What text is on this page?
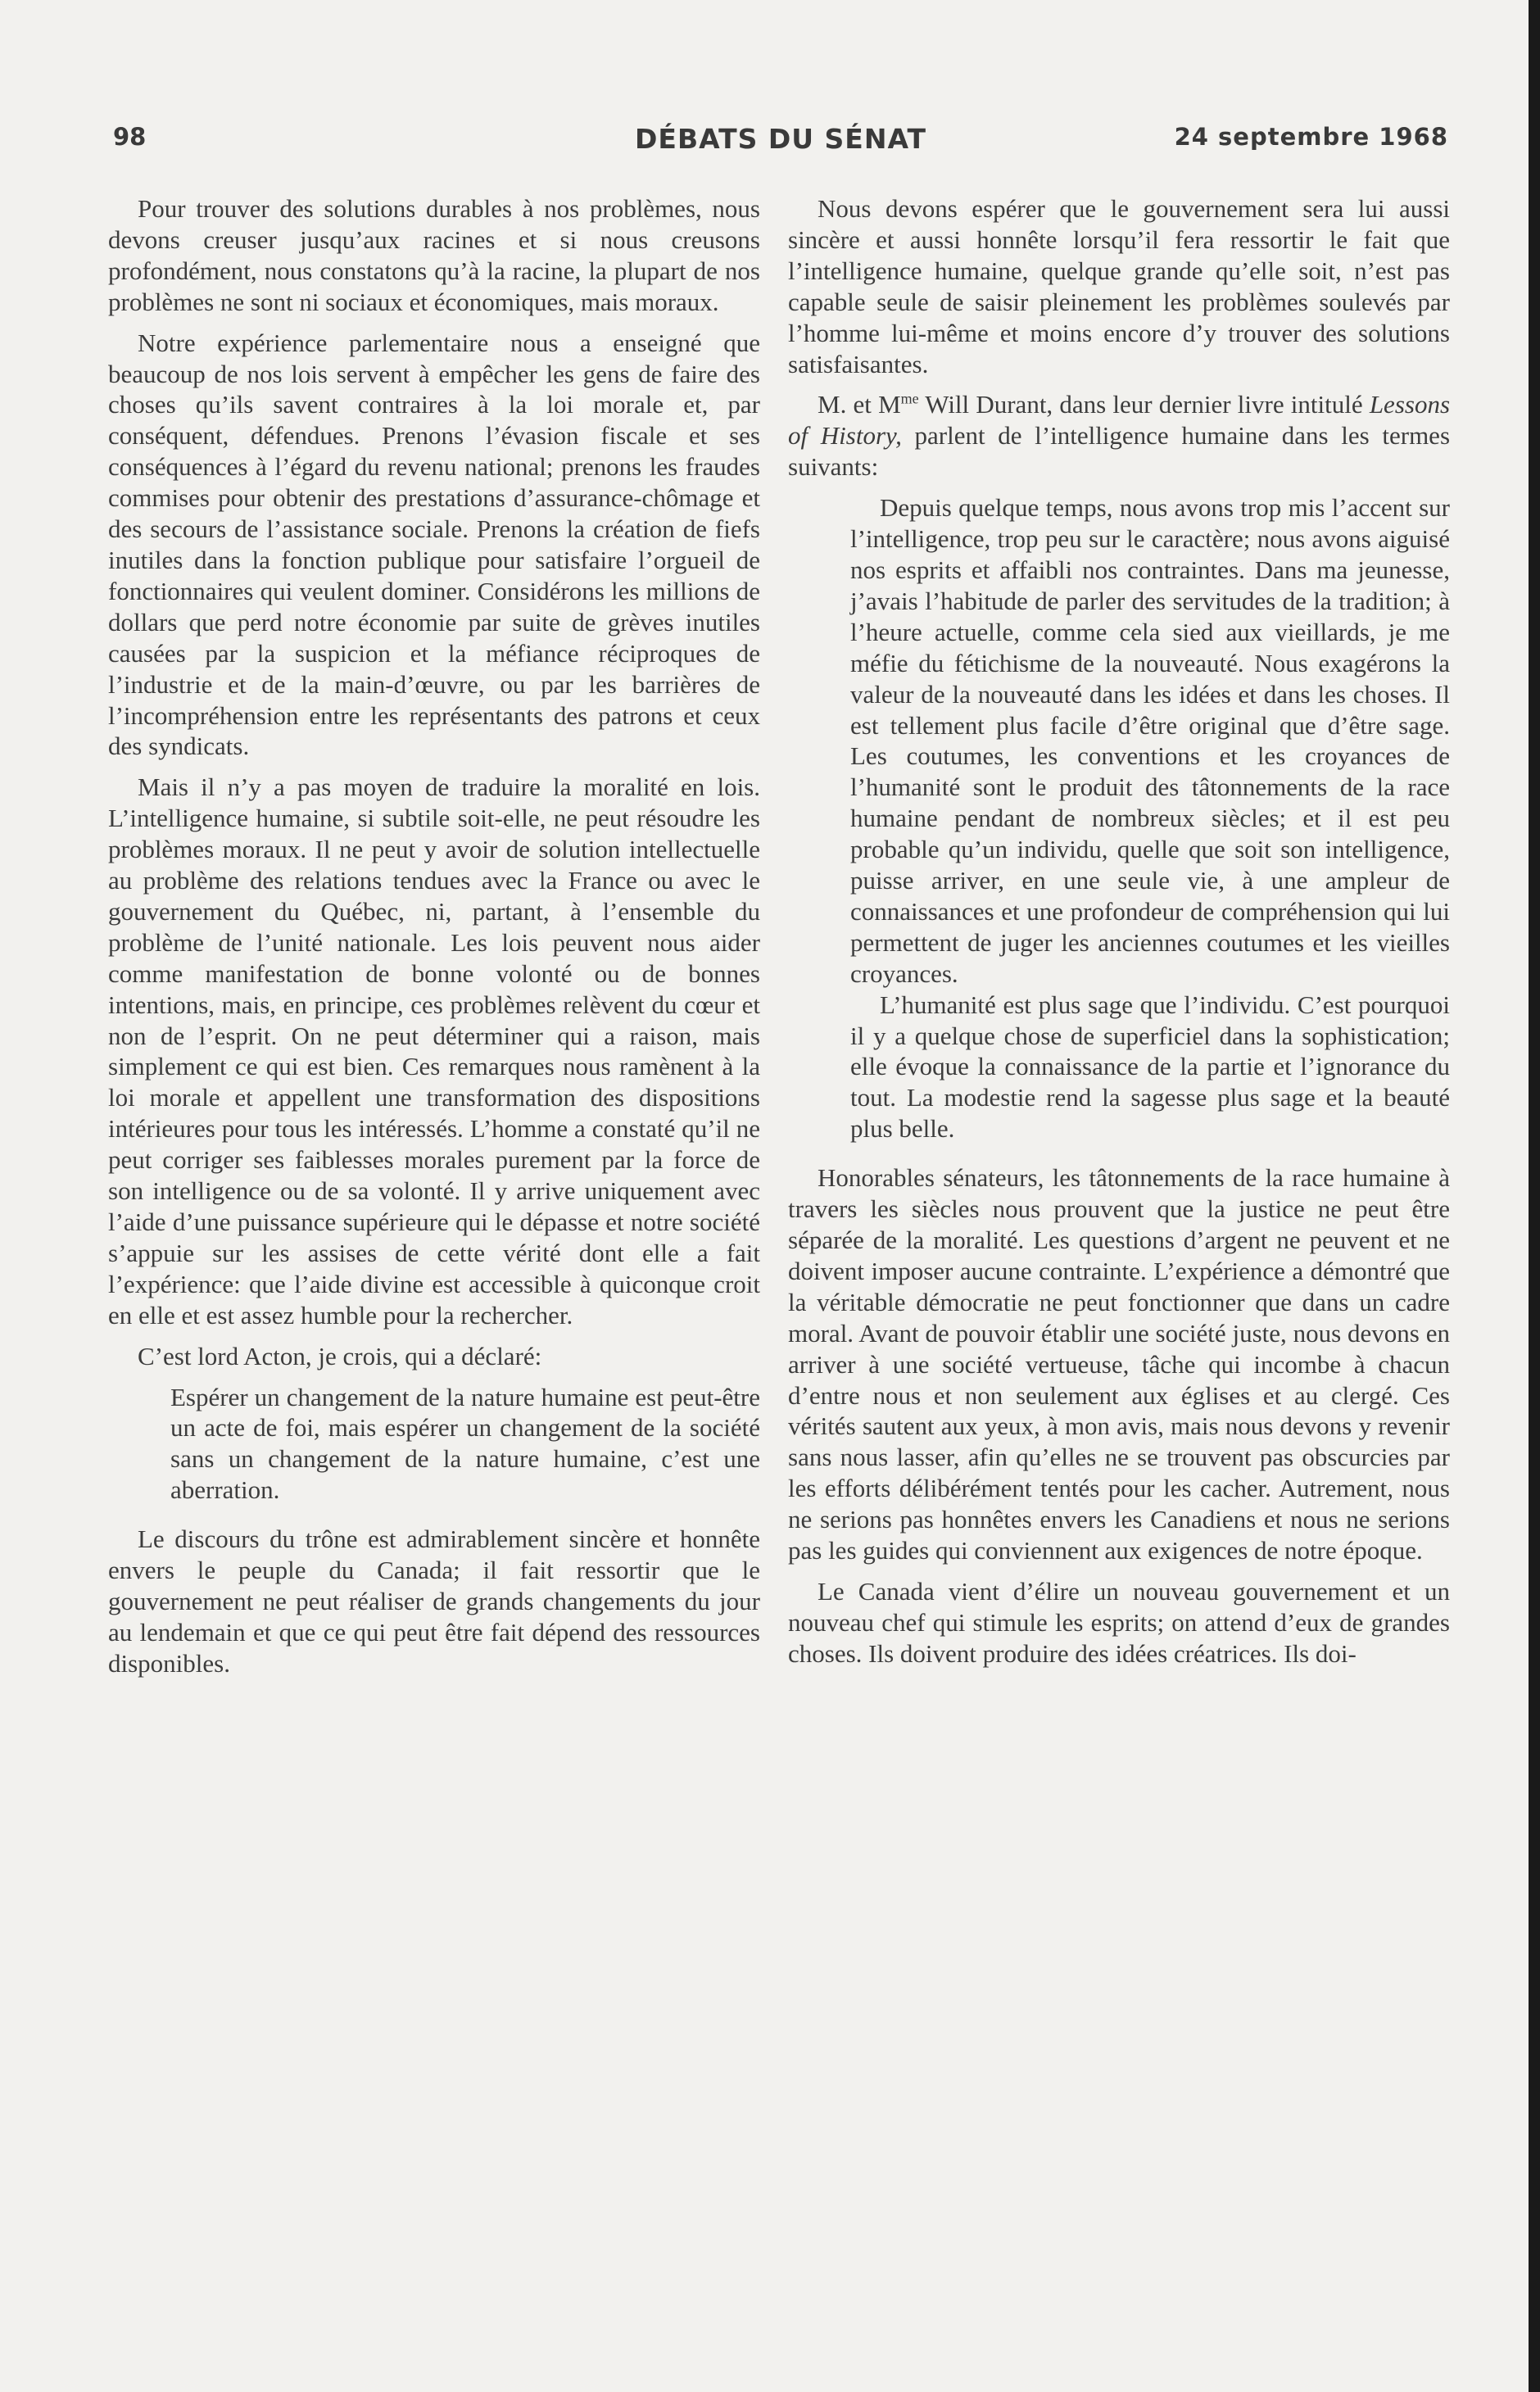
98	DÉBATS DU SÉNAT	24 septembre 1968

Pour trouver des solutions durables à nos problèmes, nous devons creuser jusqu’aux racines et si nous creusons profondément, nous constatons qu’à la racine, la plupart de nos problèmes ne sont ni sociaux et économiques, mais moraux.

Notre expérience parlementaire nous a enseigné que beaucoup de nos lois servent à empêcher les gens de faire des choses qu’ils savent contraires à la loi morale et, par conséquent, défendues. Prenons l’évasion fiscale et ses conséquences à l’égard du revenu national; prenons les fraudes commises pour obtenir des prestations d’assurance-chômage et des secours de l’assistance sociale. Prenons la création de fiefs inutiles dans la fonction publique pour satisfaire l’orgueil de fonctionnaires qui veulent dominer. Considérons les millions de dollars que perd notre économie par suite de grèves inutiles causées par la suspicion et la méfiance réciproques de l’industrie et de la main-d’œuvre, ou par les barrières de l’incompréhension entre les représentants des patrons et ceux des syndicats.

Mais il n’y a pas moyen de traduire la moralité en lois. L’intelligence humaine, si subtile soit-elle, ne peut résoudre les problèmes moraux. Il ne peut y avoir de solution intellectuelle au problème des relations tendues avec la France ou avec le gouvernement du Québec, ni, partant, à l’ensemble du problème de l’unité nationale. Les lois peuvent nous aider comme manifestation de bonne volonté ou de bonnes intentions, mais, en principe, ces problèmes relèvent du cœur et non de l’esprit. On ne peut déterminer qui a raison, mais simplement ce qui est bien. Ces remarques nous ramènent à la loi morale et appellent une transformation des dispositions intérieures pour tous les intéressés. L’homme a constaté qu’il ne peut corriger ses faiblesses morales purement par la force de son intelligence ou de sa volonté. Il y arrive uniquement avec l’aide d’une puissance supérieure qui le dépasse et notre société s’appuie sur les assises de cette vérité dont elle a fait l’expérience: que l’aide divine est accessible à quiconque croit en elle et est assez humble pour la rechercher.

C’est lord Acton, je crois, qui a déclaré:

Espérer un changement de la nature humaine est peut-être un acte de foi, mais espérer un changement de la société sans un changement de la nature humaine, c’est une aberration.

Le discours du trône est admirablement sincère et honnête envers le peuple du Canada; il fait ressortir que le gouvernement ne peut réaliser de grands changements du jour au lendemain et que ce qui peut être fait dépend des ressources disponibles.

Nous devons espérer que le gouvernement sera lui aussi sincère et aussi honnête lorsqu’il fera ressortir le fait que l’intelligence humaine, quelque grande qu’elle soit, n’est pas capable seule de saisir pleinement les problèmes soulevés par l’homme lui-même et moins encore d’y trouver des solutions satisfaisantes.

M. et $M^{me}$ Will Durant, dans leur dernier livre intitulé Lessons of History, parlent de l’intelligence humaine dans les termes suivants:

Depuis quelque temps, nous avons trop mis l’accent sur l’intelligence, trop peu sur le caractère; nous avons aiguisé nos esprits et affaibli nos contraintes. Dans ma jeunesse, j’avais l’habitude de parler des servitudes de la tradition; à l’heure actuelle, comme cela sied aux vieillards, je me méfie du fétichisme de la nouveauté. Nous exagérons la valeur de la nouveauté dans les idées et dans les choses. Il est tellement plus facile d’être original que d’être sage. Les coutumes, les conventions et les croyances de l’humanité sont le produit des tâtonnements de la race humaine pendant de nombreux siècles; et il est peu probable qu’un individu, quelle que soit son intelligence, puisse arriver, en une seule vie, à une ampleur de connaissances et une profondeur de compréhension qui lui permettent de juger les anciennes coutumes et les vieilles croyances.

L’humanité est plus sage que l’individu. C’est pourquoi il y a quelque chose de superficiel dans la sophistication; elle évoque la connaissance de la partie et l’ignorance du tout. La modestie rend la sagesse plus sage et la beauté plus belle.

Honorables sénateurs, les tâtonnements de la race humaine à travers les siècles nous prouvent que la justice ne peut être séparée de la moralité. Les questions d’argent ne peuvent et ne doivent imposer aucune contrainte. L’expérience a démontré que la véritable démocratie ne peut fonctionner que dans un cadre moral. Avant de pouvoir établir une société juste, nous devons en arriver à une société vertueuse, tâche qui incombe à chacun d’entre nous et non seulement aux églises et au clergé. Ces vérités sautent aux yeux, à mon avis, mais nous devons y revenir sans nous lasser, afin qu’elles ne se trouvent pas obscurcies par les efforts délibérément tentés pour les cacher. Autrement, nous ne serions pas honnêtes envers les Canadiens et nous ne serions pas les guides qui conviennent aux exigences de notre époque.

Le Canada vient d’élire un nouveau gouvernement et un nouveau chef qui stimule les esprits; on attend d’eux de grandes choses. Ils doivent produire des idées créatrices. Ils doi-
